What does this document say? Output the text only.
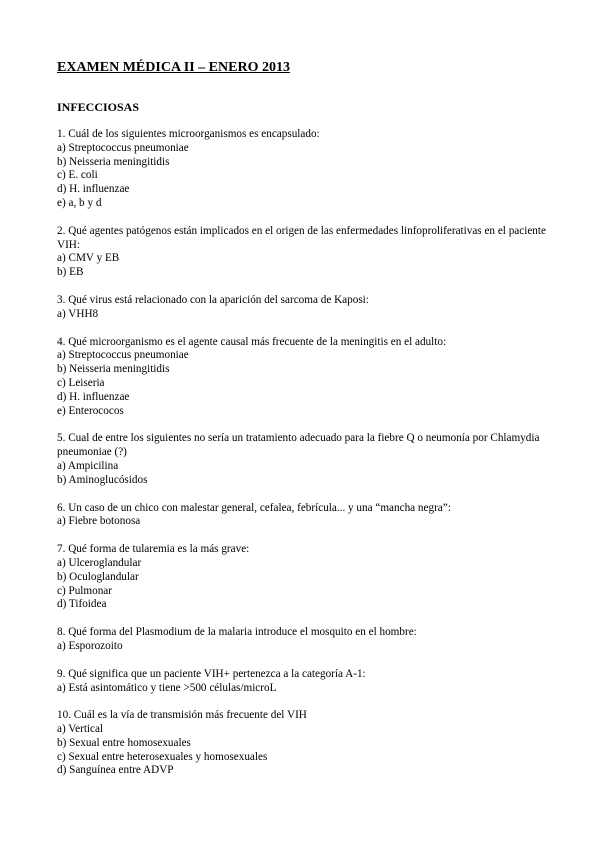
EXAMEN MÉDICA II – ENERO 2013
INFECCIOSAS
1. Cuál de los siguientes microorganismos es encapsulado:
a) Streptococcus pneumoniae
b) Neisseria meningitidis
c) E. coli
d) H. influenzae
e) a, b y d
2. Qué agentes patógenos están implicados en el origen de las enfermedades linfoproliferativas en el paciente VIH:
a) CMV y EB
b) EB
3. Qué virus está relacionado con la aparición del sarcoma de Kaposi:
a) VHH8
4. Qué microorganismo es el agente causal más frecuente de la meningitis en el adulto:
a) Streptococcus pneumoniae
b) Neisseria meningitidis
c) Leiseria
d) H. influenzae
e) Enterococos
5. Cual de entre los siguientes no sería un tratamiento adecuado para la fiebre Q o neumonía por Chlamydia pneumoniae (?)
a) Ampicilina
b) Aminoglucósidos
6. Un caso de un chico con malestar general, cefalea, febrícula... y una “mancha negra”:
a) Fiebre botonosa
7. Qué forma de tularemia es la más grave:
a) Ulceroglandular
b) Oculoglandular
c) Pulmonar
d) Tifoidea
8. Qué forma del Plasmodium de la malaria introduce el mosquito en el hombre:
a) Esporozoito
9. Qué significa que un paciente VIH+ pertenezca a la categoría A-1:
a) Está asintomático y tiene >500 células/microL
10. Cuál es la vía de transmisión más frecuente del VIH
a) Vertical
b) Sexual entre homosexuales
c) Sexual entre heterosexuales y homosexuales
d) Sanguínea entre ADVP
